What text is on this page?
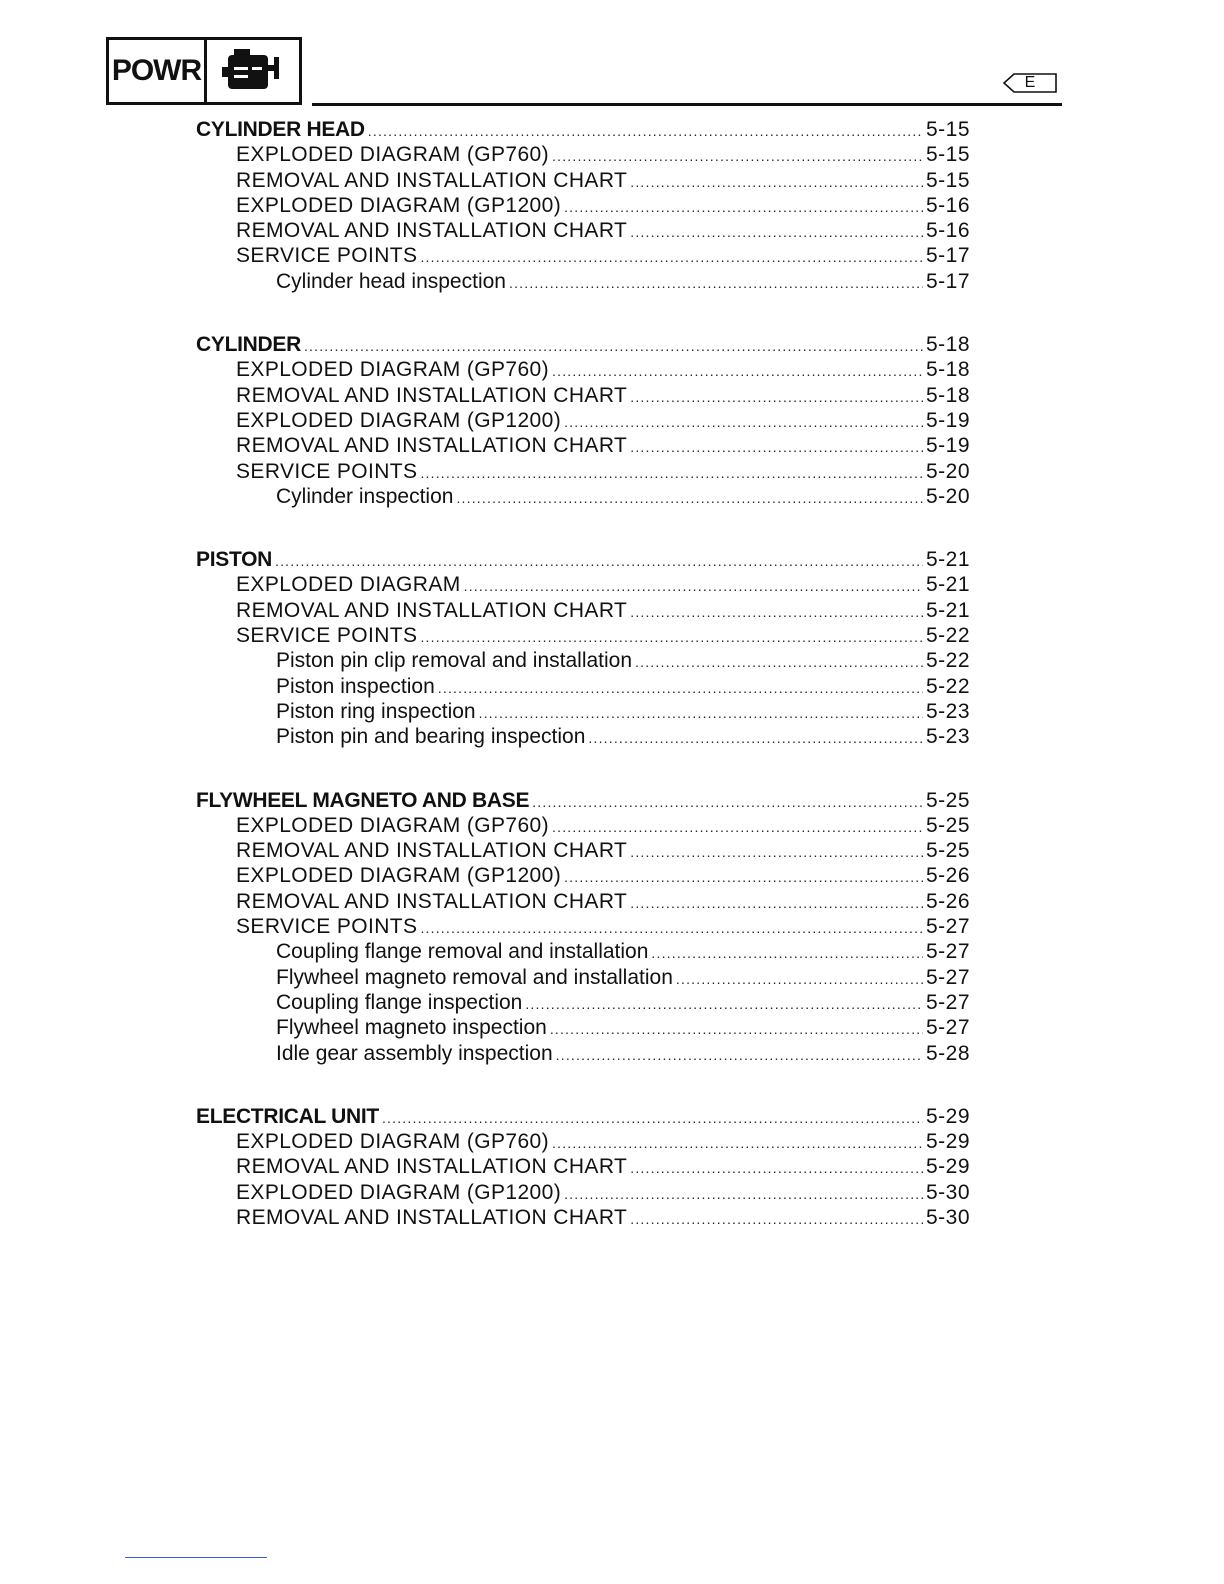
POWR	E
CYLINDER HEAD .....	5-15
EXPLODED DIAGRAM (GP760) .....	5-15
REMOVAL AND INSTALLATION CHART .....	5-15
EXPLODED DIAGRAM (GP1200) .....	5-16
REMOVAL AND INSTALLATION CHART .....	5-16
SERVICE POINTS .....	5-17
Cylinder head inspection .....	5-17
CYLINDER .....	5-18
EXPLODED DIAGRAM (GP760) .....	5-18
REMOVAL AND INSTALLATION CHART .....	5-18
EXPLODED DIAGRAM (GP1200) .....	5-19
REMOVAL AND INSTALLATION CHART .....	5-19
SERVICE POINTS .....	5-20
Cylinder inspection .....	5-20
PISTON .....	5-21
EXPLODED DIAGRAM .....	5-21
REMOVAL AND INSTALLATION CHART .....	5-21
SERVICE POINTS .....	5-22
Piston pin clip removal and installation .....	5-22
Piston inspection .....	5-22
Piston ring inspection .....	5-23
Piston pin and bearing inspection .....	5-23
FLYWHEEL MAGNETO AND BASE .....	5-25
EXPLODED DIAGRAM (GP760) .....	5-25
REMOVAL AND INSTALLATION CHART .....	5-25
EXPLODED DIAGRAM (GP1200) .....	5-26
REMOVAL AND INSTALLATION CHART .....	5-26
SERVICE POINTS .....	5-27
Coupling flange removal and installation .....	5-27
Flywheel magneto removal and installation .....	5-27
Coupling flange inspection .....	5-27
Flywheel magneto inspection .....	5-27
Idle gear assembly inspection .....	5-28
ELECTRICAL UNIT .....	5-29
EXPLODED DIAGRAM (GP760) .....	5-29
REMOVAL AND INSTALLATION CHART .....	5-29
EXPLODED DIAGRAM (GP1200) .....	5-30
REMOVAL AND INSTALLATION CHART .....	5-30
